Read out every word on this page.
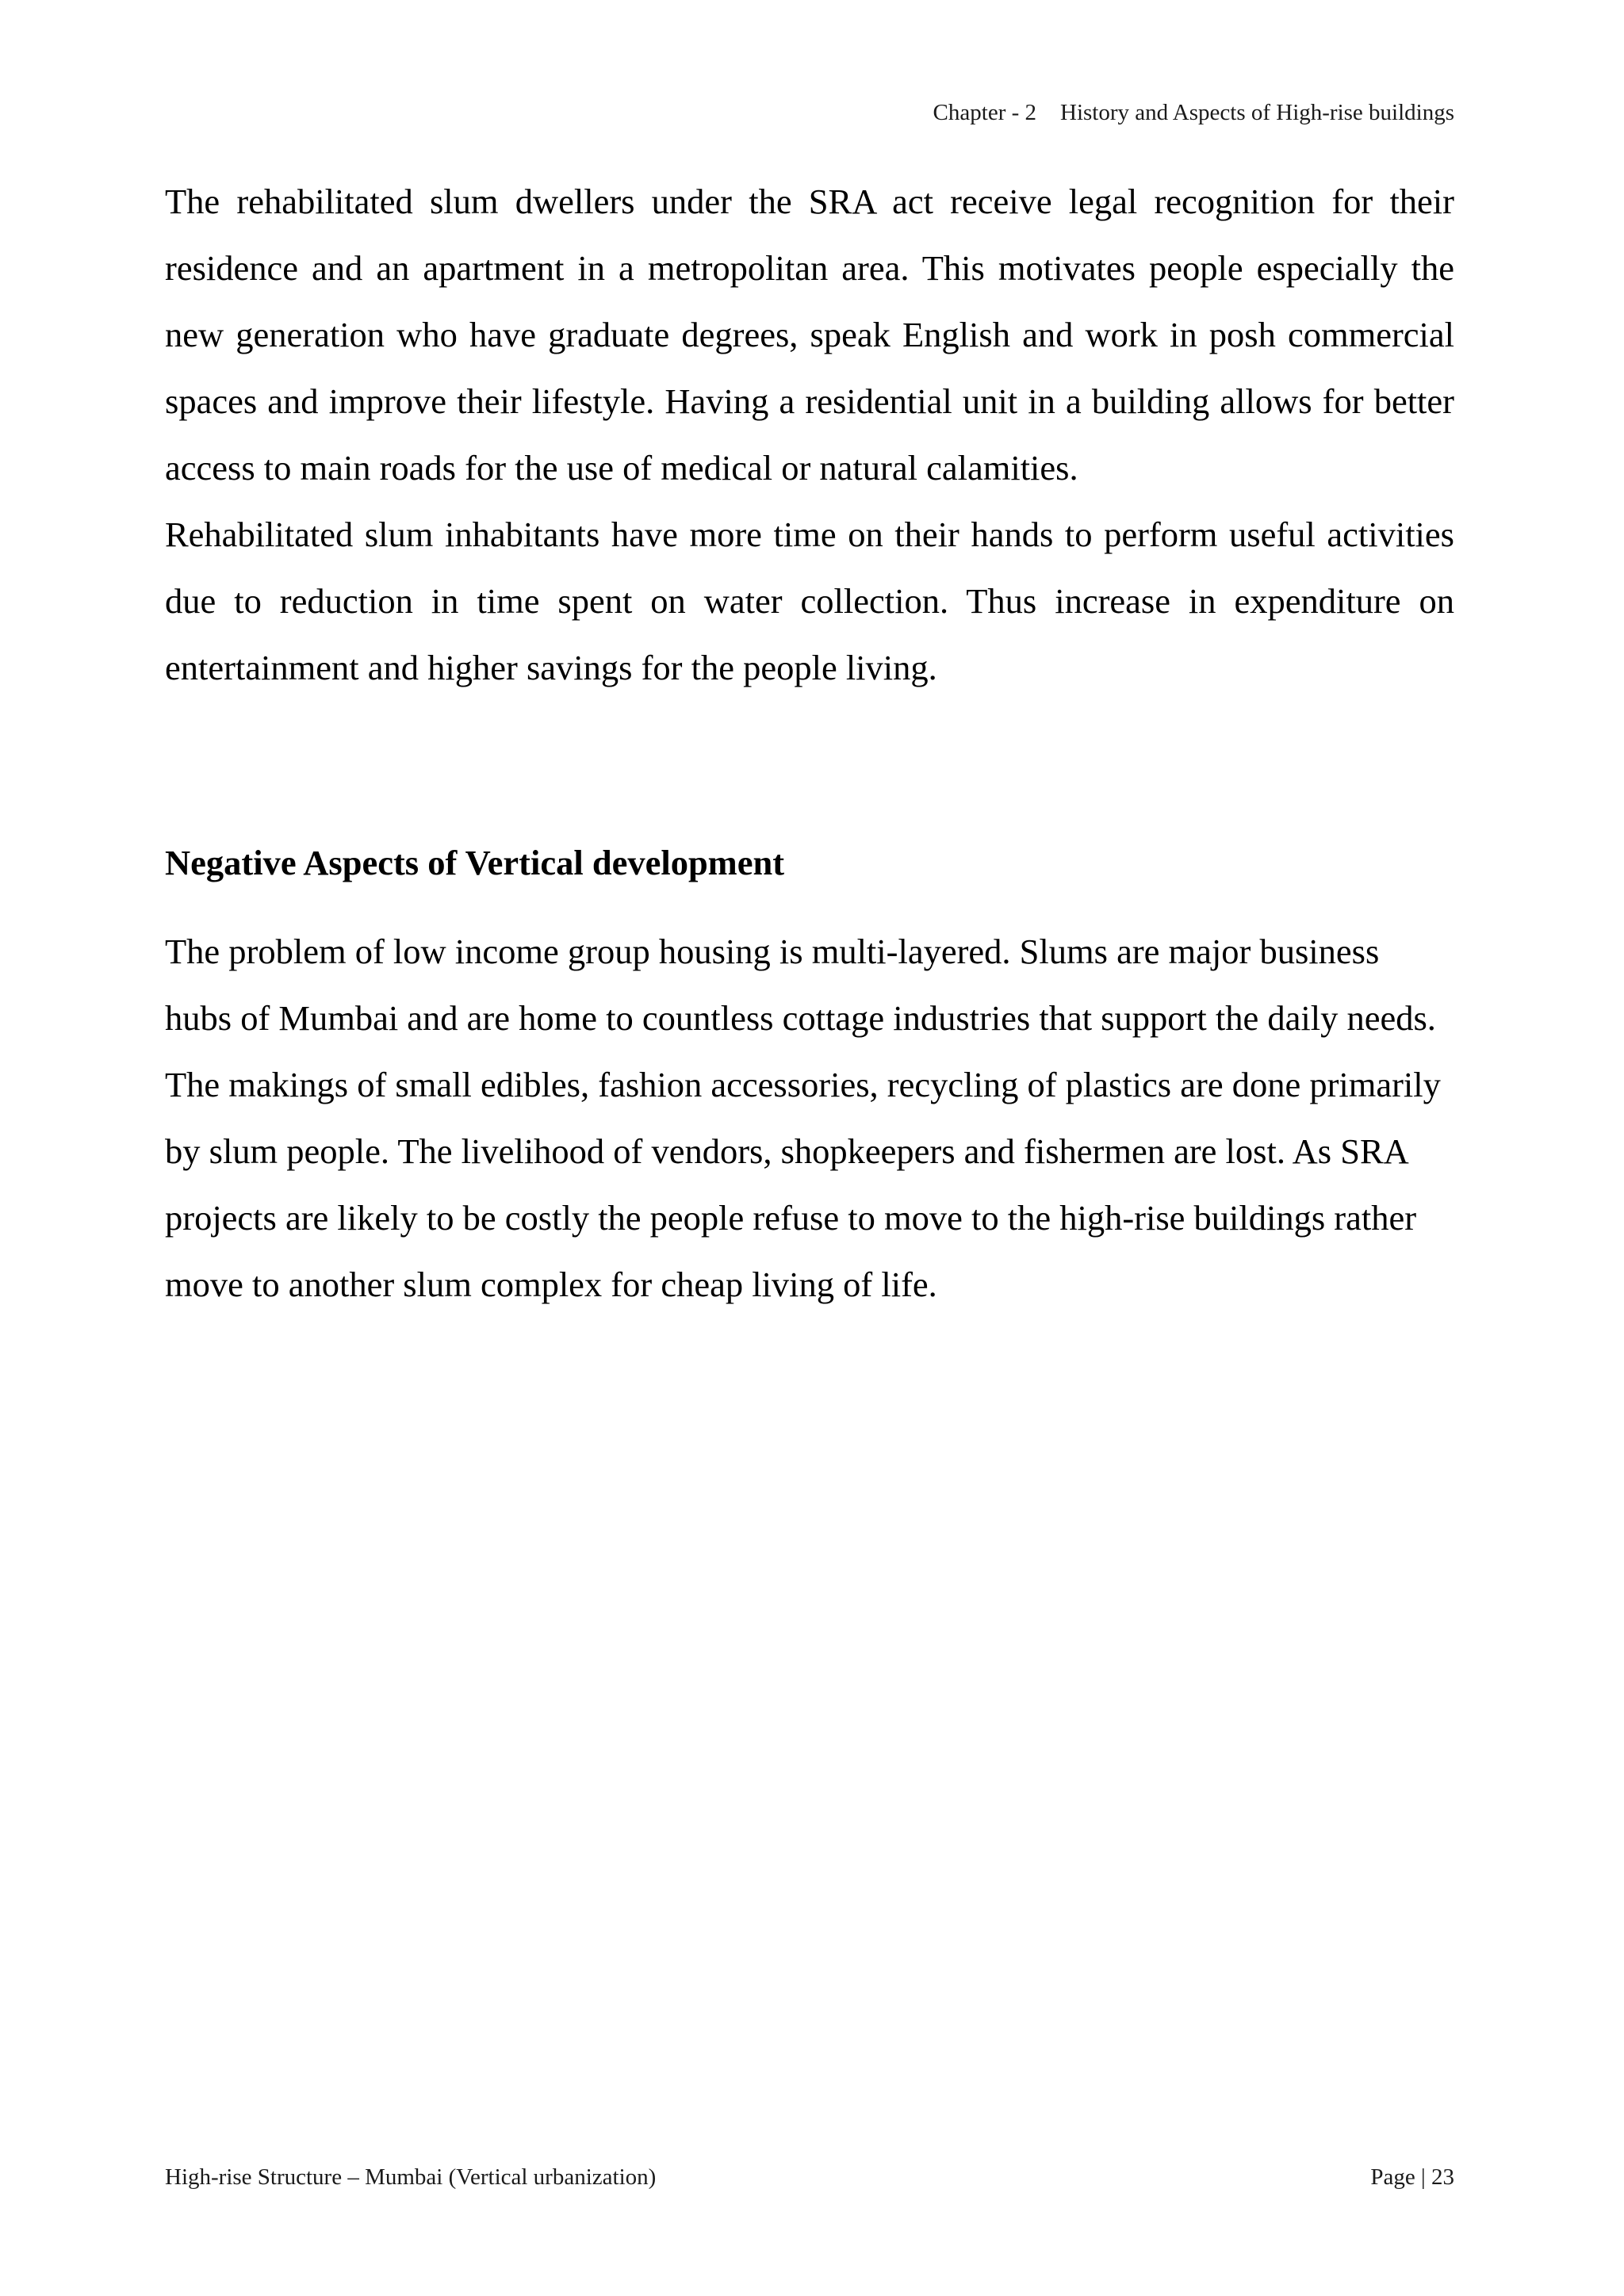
Chapter - 2 History and Aspects of High-rise buildings

The rehabilitated slum dwellers under the SRA act receive legal recognition for their residence and an apartment in a metropolitan area. This motivates people especially the new generation who have graduate degrees, speak English and work in posh commercial spaces and improve their lifestyle. Having a residential unit in a building allows for better access to main roads for the use of medical or natural calamities.

Rehabilitated slum inhabitants have more time on their hands to perform useful activities due to reduction in time spent on water collection. Thus increase in expenditure on entertainment and higher savings for the people living.

Negative Aspects of Vertical development

The problem of low income group housing is multi-layered. Slums are major business hubs of Mumbai and are home to countless cottage industries that support the daily needs. The makings of small edibles, fashion accessories, recycling of plastics are done primarily by slum people. The livelihood of vendors, shopkeepers and fishermen are lost. As SRA projects are likely to be costly the people refuse to move to the high-rise buildings rather move to another slum complex for cheap living of life.

High-rise Structure – Mumbai (Vertical urbanization)	Page | 23
